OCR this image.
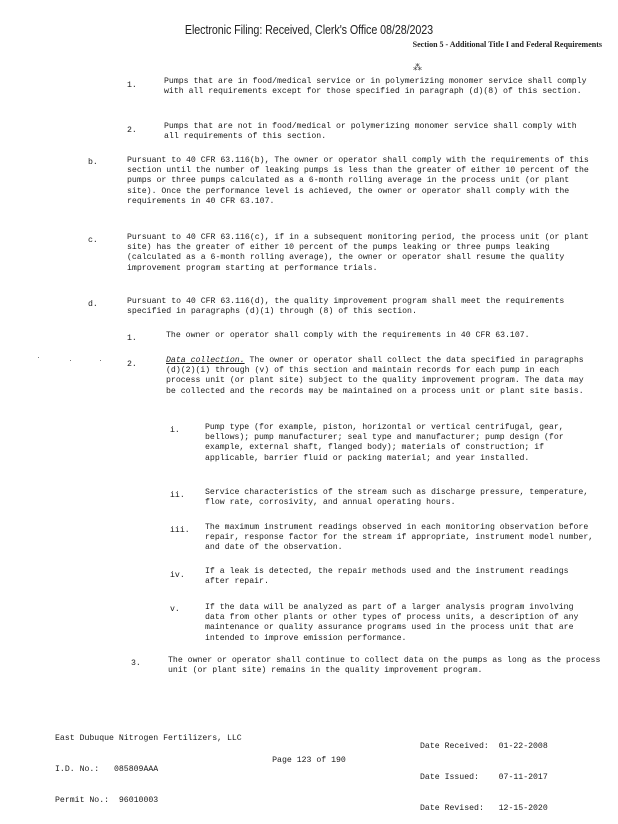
Electronic Filing: Received, Clerk's Office 08/28/2023
Section 5 - Additional Title I and Federal Requirements
⁂
1.	Pumps that are in food/medical service or in polymerizing monomer service shall comply with all requirements except for those specified in paragraph (d)(8) of this section.

2.	Pumps that are not in food/medical or polymerizing monomer service shall comply with all requirements of this section.

b.	Pursuant to 40 CFR 63.116(b), The owner or operator shall comply with the requirements of this section until the number of leaking pumps is less than the greater of either 10 percent of the pumps or three pumps calculated as a 6-month rolling average in the process unit (or plant site). Once the performance level is achieved, the owner or operator shall comply with the requirements in 40 CFR 63.107.

c.	Pursuant to 40 CFR 63.116(c), if in a subsequent monitoring period, the process unit (or plant site) has the greater of either 10 percent of the pumps leaking or three pumps leaking (calculated as a 6-month rolling average), the owner or operator shall resume the quality improvement program starting at performance trials.

d.	Pursuant to 40 CFR 63.116(d), the quality improvement program shall meet the requirements specified in paragraphs (d)(1) through (8) of this section.

1.	The owner or operator shall comply with the requirements in 40 CFR 63.107.

2.	Data collection. The owner or operator shall collect the data specified in paragraphs (d)(2)(i) through (v) of this section and maintain records for each pump in each process unit (or plant site) subject to the quality improvement program. The data may be collected and the records may be maintained on a process unit or plant site basis.

i.	Pump type (for example, piston, horizontal or vertical centrifugal, gear, bellows); pump manufacturer; seal type and manufacturer; pump design (for example, external shaft, flanged body); materials of construction; if applicable, barrier fluid or packing material; and year installed.

ii. Service characteristics of the stream such as discharge pressure, temperature, flow rate, corrosivity, and annual operating hours.

iii. The maximum instrument readings observed in each monitoring observation before repair, response factor for the stream if appropriate, instrument model number, and date of the observation.

iv. If a leak is detected, the repair methods used and the instrument readings after repair.

v.	If the data will be analyzed as part of a larger analysis program involving data from other plants or other types of process units, a description of any maintenance or quality assurance programs used in the process unit that are intended to improve emission performance.

3.	The owner or operator shall continue to collect data on the pumps as long as the process unit (or plant site) remains in the quality improvement program.

East Dubuque Nitrogen Fertilizers, LLC

I.D. No.: 085809AAA

Permit No.: 96010003

Date Received: 01-22-2008

Date Issued: 07-11-2017

Date Revised: 12-15-2020

Page 123 of 190
